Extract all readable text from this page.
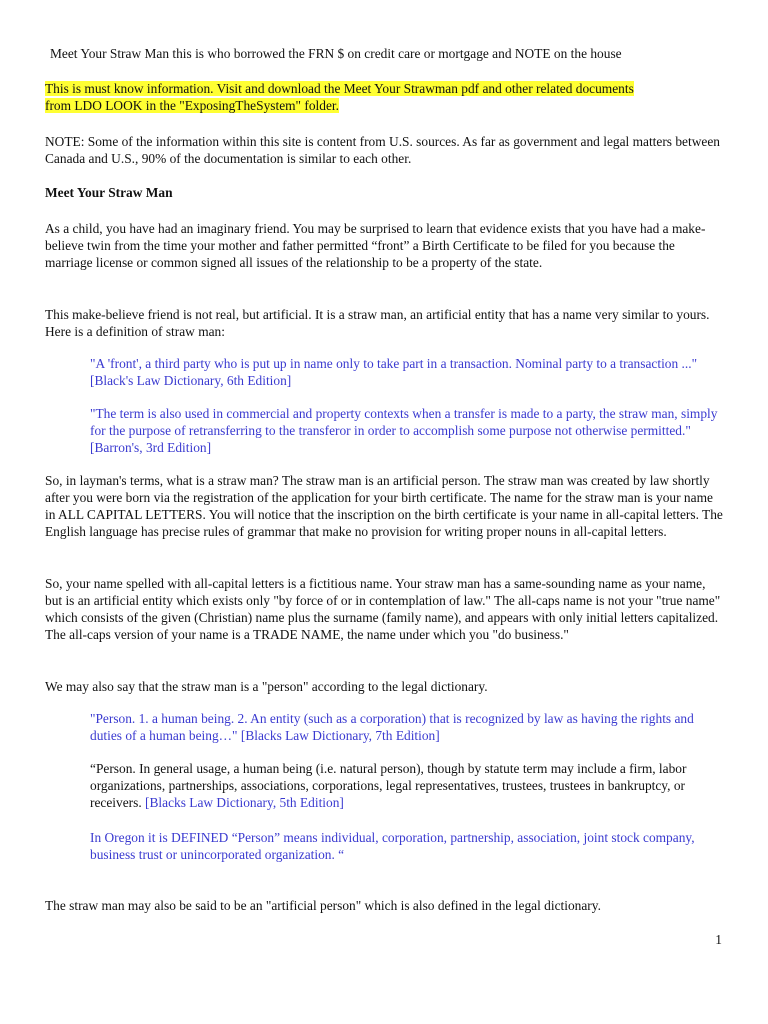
Meet Your Straw Man this is who borrowed the FRN $ on credit care or mortgage and NOTE on the house

This is must know information. Visit and download the Meet Your Strawman pdf and other related documents
from LDO LOOK in the "ExposingTheSystem" folder.

NOTE: Some of the information within this site is content from U.S. sources. As far as government and legal matters between Canada and U.S., 90% of the documentation is similar to each other.

Meet Your Straw Man

As a child, you have had an imaginary friend. You may be surprised to learn that evidence exists that you have had a make-believe twin from the time your mother and father permitted “front” a Birth Certificate to be filed for you because the marriage license or common signed all issues of the relationship to be a property of the state.

This make-believe friend is not real, but artificial. It is a straw man, an artificial entity that has a name very similar to yours. Here is a definition of straw man:

"A 'front', a third party who is put up in name only to take part in a transaction. Nominal party to a transaction ..." [Black's Law Dictionary, 6th Edition]

"The term is also used in commercial and property contexts when a transfer is made to a party, the straw man, simply for the purpose of retransferring to the transferor in order to accomplish some purpose not otherwise permitted." [Barron's, 3rd Edition]

So, in layman's terms, what is a straw man? The straw man is an artificial person. The straw man was created by law shortly after you were born via the registration of the application for your birth certificate. The name for the straw man is your name in ALL CAPITAL LETTERS. You will notice that the inscription on the birth certificate is your name in all-capital letters. The English language has precise rules of grammar that make no provision for writing proper nouns in all-capital letters.

So, your name spelled with all-capital letters is a fictitious name. Your straw man has a same-sounding name as your name, but is an artificial entity which exists only "by force of or in contemplation of law." The all-caps name is not your "true name" which consists of the given (Christian) name plus the surname (family name), and appears with only initial letters capitalized. The all-caps version of your name is a TRADE NAME, the name under which you "do business."

We may also say that the straw man is a "person" according to the legal dictionary.

"Person. 1. a human being. 2. An entity (such as a corporation) that is recognized by law as having the rights and duties of a human being…" [Blacks Law Dictionary, 7th Edition]

“Person. In general usage, a human being (i.e. natural person), though by statute term may include a firm, labor organizations, partnerships, associations, corporations, legal representatives, trustees, trustees in bankruptcy, or receivers. [Blacks Law Dictionary, 5th Edition]

In Oregon it is DEFINED “Person” means individual, corporation, partnership, association, joint stock company, business trust or unincorporated organization. “

The straw man may also be said to be an "artificial person" which is also defined in the legal dictionary.

1
